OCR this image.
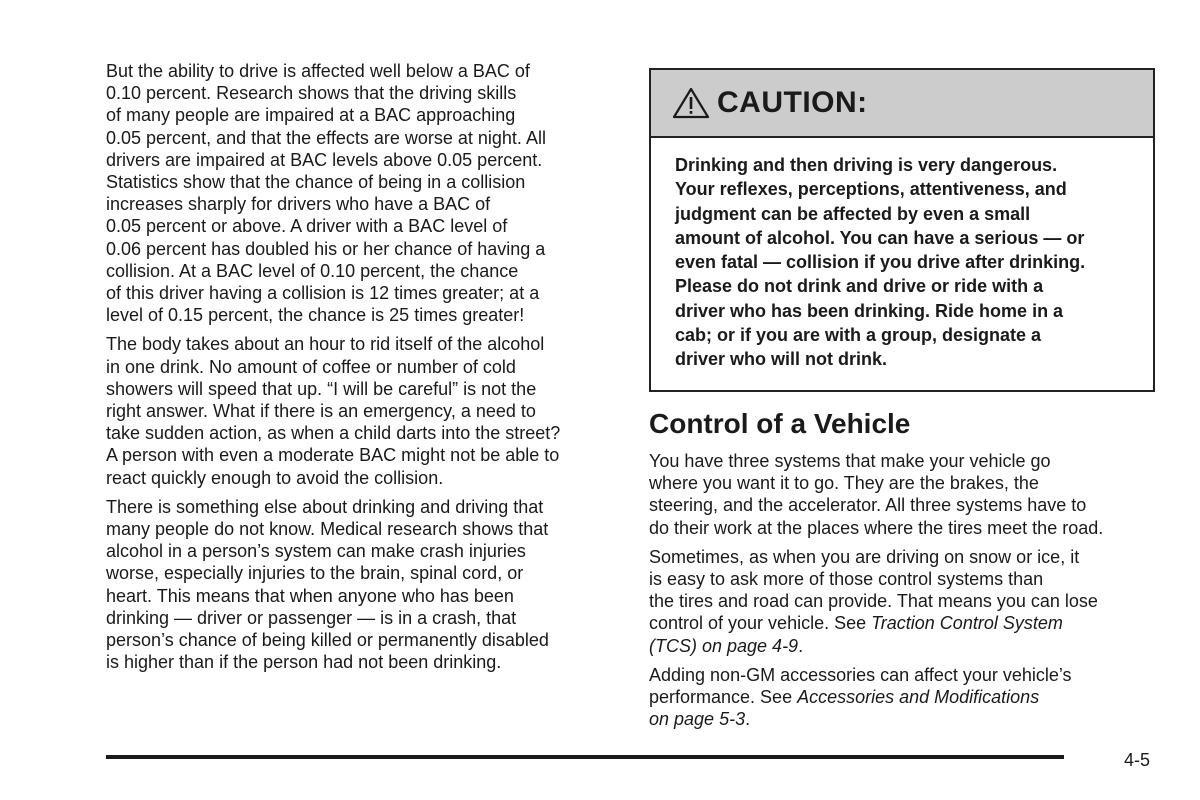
But the ability to drive is affected well below a BAC of
0.10 percent. Research shows that the driving skills
of many people are impaired at a BAC approaching
0.05 percent, and that the effects are worse at night. All
drivers are impaired at BAC levels above 0.05 percent.
Statistics show that the chance of being in a collision
increases sharply for drivers who have a BAC of
0.05 percent or above. A driver with a BAC level of
0.06 percent has doubled his or her chance of having a
collision. At a BAC level of 0.10 percent, the chance
of this driver having a collision is 12 times greater; at a
level of 0.15 percent, the chance is 25 times greater!

The body takes about an hour to rid itself of the alcohol
in one drink. No amount of coffee or number of cold
showers will speed that up. “I will be careful” is not the
right answer. What if there is an emergency, a need to
take sudden action, as when a child darts into the street?
A person with even a moderate BAC might not be able to
react quickly enough to avoid the collision.

There is something else about drinking and driving that
many people do not know. Medical research shows that
alcohol in a person’s system can make crash injuries
worse, especially injuries to the brain, spinal cord, or
heart. This means that when anyone who has been
drinking — driver or passenger — is in a crash, that
person’s chance of being killed or permanently disabled
is higher than if the person had not been drinking.

CAUTION:
Drinking and then driving is very dangerous.
Your reflexes, perceptions, attentiveness, and
judgment can be affected by even a small
amount of alcohol. You can have a serious — or
even fatal — collision if you drive after drinking.
Please do not drink and drive or ride with a
driver who has been drinking. Ride home in a
cab; or if you are with a group, designate a
driver who will not drink.
Control of a Vehicle

You have three systems that make your vehicle go
where you want it to go. They are the brakes, the
steering, and the accelerator. All three systems have to
do their work at the places where the tires meet the road.

Sometimes, as when you are driving on snow or ice, it
is easy to ask more of those control systems than
the tires and road can provide. That means you can lose
control of your vehicle. See Traction Control System
(TCS) on page 4‑9.

Adding non-GM accessories can affect your vehicle’s
performance. See Accessories and Modifications
on page 5‑3.

4-5
